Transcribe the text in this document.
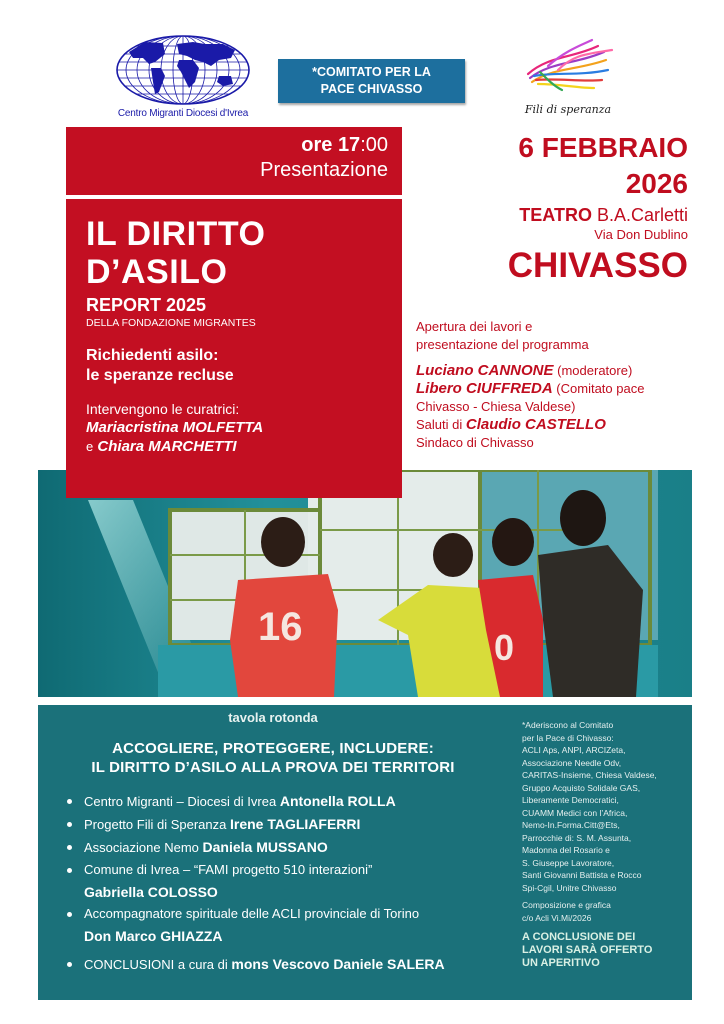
Centro Migranti Diocesi d'Ivrea
*COMITATO PER LA
PACE CHIVASSO
Fili di speranza
ore 17:00
Presentazione
16	0
IL DIRITTO
D’ASILO
REPORT 2025
DELLA FONDAZIONE MIGRANTES
Richiedenti asilo:
le speranze recluse
Intervengono le curatrici:
Mariacristina MOLFETTA
e Chiara MARCHETTI
6 FEBBRAIO
2026
TEATRO B.A.Carletti
Via Don Dublino
CHIVASSO
Apertura dei lavori e
presentazione del programma
Luciano CANNONE (moderatore)
Libero CIUFFREDA (Comitato pace
Chivasso - Chiesa Valdese)
Saluti di Claudio CASTELLO
Sindaco di Chivasso
tavola rotonda
ACCOGLIERE, PROTEGGERE, INCLUDERE:
IL DIRITTO D’ASILO ALLA PROVA DEI TERRITORI
Centro Migranti – Diocesi di Ivrea Antonella ROLLA
Progetto Fili di Speranza Irene TAGLIAFERRI
Associazione Nemo Daniela MUSSANO
Comune di Ivrea – “FAMI progetto 510 interazioni”
Gabriella COLOSSO
Accompagnatore spirituale delle ACLI provinciale di Torino
Don Marco GHIAZZA
CONCLUSIONI a cura di mons Vescovo Daniele SALERA
*Aderiscono al Comitato
per la Pace di Chivasso:
ACLI Aps, ANPI, ARCIZeta,
Associazione Needle Odv,
CARITAS-Insieme, Chiesa Valdese,
Gruppo Acquisto Solidale GAS,
Liberamente Democratici,
CUAMM Medici con l’Africa,
Nemo-In.Forma.Citt@Ets,
Parrocchie di: S. M. Assunta,
Madonna del Rosario e
S. Giuseppe Lavoratore,
Santi Giovanni Battista e Rocco
Spi-Cgil, Unitre Chivasso
Composizione e grafica
c/o Acli Vi.Mi/2026
A CONCLUSIONE DEI
LAVORI SARÀ OFFERTO
UN APERITIVO
